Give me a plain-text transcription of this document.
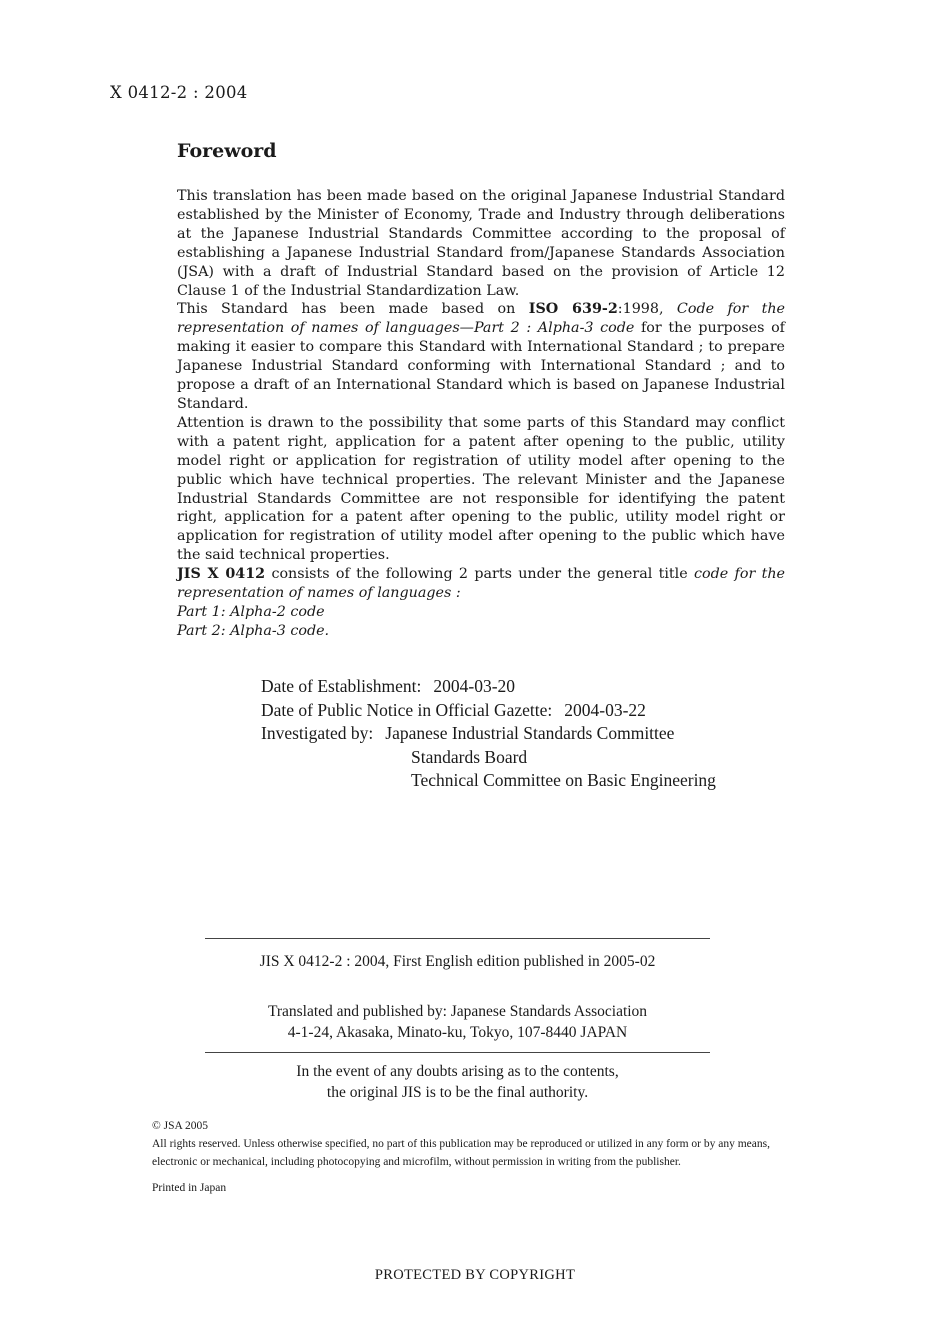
X 0412-2 : 2004
Foreword

This translation has been made based on the original Japanese Industrial Standard established by the Minister of Economy, Trade and Industry through deliberations at the Japanese Industrial Standards Committee according to the proposal of establishing a Japanese Industrial Standard from/Japanese Standards Association (JSA) with a draft of Industrial Standard based on the provision of Article 12 Clause 1 of the Industrial Standardization Law.

This Standard has been made based on ISO 639-2:1998, Code for the representation of names of languages—Part 2 : Alpha-3 code for the purposes of making it easier to compare this Standard with International Standard ; to prepare Japanese Industrial Standard conforming with International Standard ; and to propose a draft of an International Standard which is based on Japanese Industrial Standard.

Attention is drawn to the possibility that some parts of this Standard may conflict with a patent right, application for a patent after opening to the public, utility model right or application for registration of utility model after opening to the public which have technical properties. The relevant Minister and the Japanese Industrial Standards Committee are not responsible for identifying the patent right, application for a patent after opening to the public, utility model right or application for registration of utility model after opening to the public which have the said technical properties.

JIS X 0412 consists of the following 2 parts under the general title code for the representation of names of languages :

Part 1: Alpha-2 code

Part 2: Alpha-3 code.

Date of Establishment: 2004-03-20
Date of Public Notice in Official Gazette: 2004-03-22
Investigated by: Japanese Industrial Standards Committee
Standards Board
Technical Committee on Basic Engineering
JIS X 0412-2 : 2004, First English edition published in 2005-02
Translated and published by: Japanese Standards Association
4-1-24, Akasaka, Minato-ku, Tokyo, 107-8440 JAPAN
In the event of any doubts arising as to the contents,
the original JIS is to be the final authority.

© JSA 2005

All rights reserved. Unless otherwise specified, no part of this publication may be reproduced or utilized in any form or by any means, electronic or mechanical, including photocopying and microfilm, without permission in writing from the publisher.

Printed in Japan

PROTECTED BY COPYRIGHT
